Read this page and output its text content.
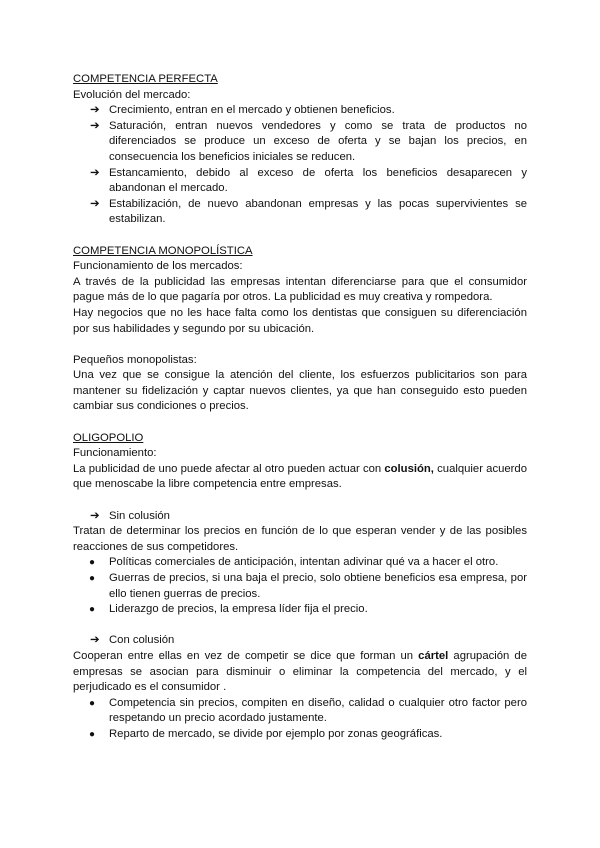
COMPETENCIA PERFECTA
Evolución del mercado:
➔ Crecimiento, entran en el mercado y obtienen beneficios.
➔ Saturación, entran nuevos vendedores y como se trata de productos no diferenciados se produce un exceso de oferta y se bajan los precios, en consecuencia los beneficios iniciales se reducen.
➔ Estancamiento, debido al exceso de oferta los beneficios desaparecen y abandonan el mercado.
➔ Estabilización, de nuevo abandonan empresas y las pocas supervivientes se estabilizan.
COMPETENCIA MONOPOLÍSTICA
Funcionamiento de los mercados:
A través de la publicidad las empresas intentan diferenciarse para que el consumidor pague más de lo que pagaría por otros. La publicidad es muy creativa y rompedora.
Hay negocios que no les hace falta como los dentistas que consiguen su diferenciación por sus habilidades y segundo por su ubicación.
Pequeños monopolistas:
Una vez que se consigue la atención del cliente, los esfuerzos publicitarios son para mantener su fidelización y captar nuevos clientes, ya que han conseguido esto pueden cambiar sus condiciones o precios.
OLIGOPOLIO
Funcionamiento:
La publicidad de uno puede afectar al otro pueden actuar con colusión, cualquier acuerdo que menoscabe la libre competencia entre empresas.
➔ Sin colusión
Tratan de determinar los precios en función de lo que esperan vender y de las posibles reacciones de sus competidores.
● Políticas comerciales de anticipación, intentan adivinar qué va a hacer el otro.
● Guerras de precios, si una baja el precio, solo obtiene beneficios esa empresa, por ello tienen guerras de precios.
● Liderazgo de precios, la empresa líder fija el precio.
➔ Con colusión
Cooperan entre ellas en vez de competir se dice que forman un cártel agrupación de empresas se asocian para disminuir o eliminar la competencia del mercado, y el perjudicado es el consumidor .
● Competencia sin precios, compiten en diseño, calidad o cualquier otro factor pero respetando un precio acordado justamente.
● Reparto de mercado, se divide por ejemplo por zonas geográficas.
